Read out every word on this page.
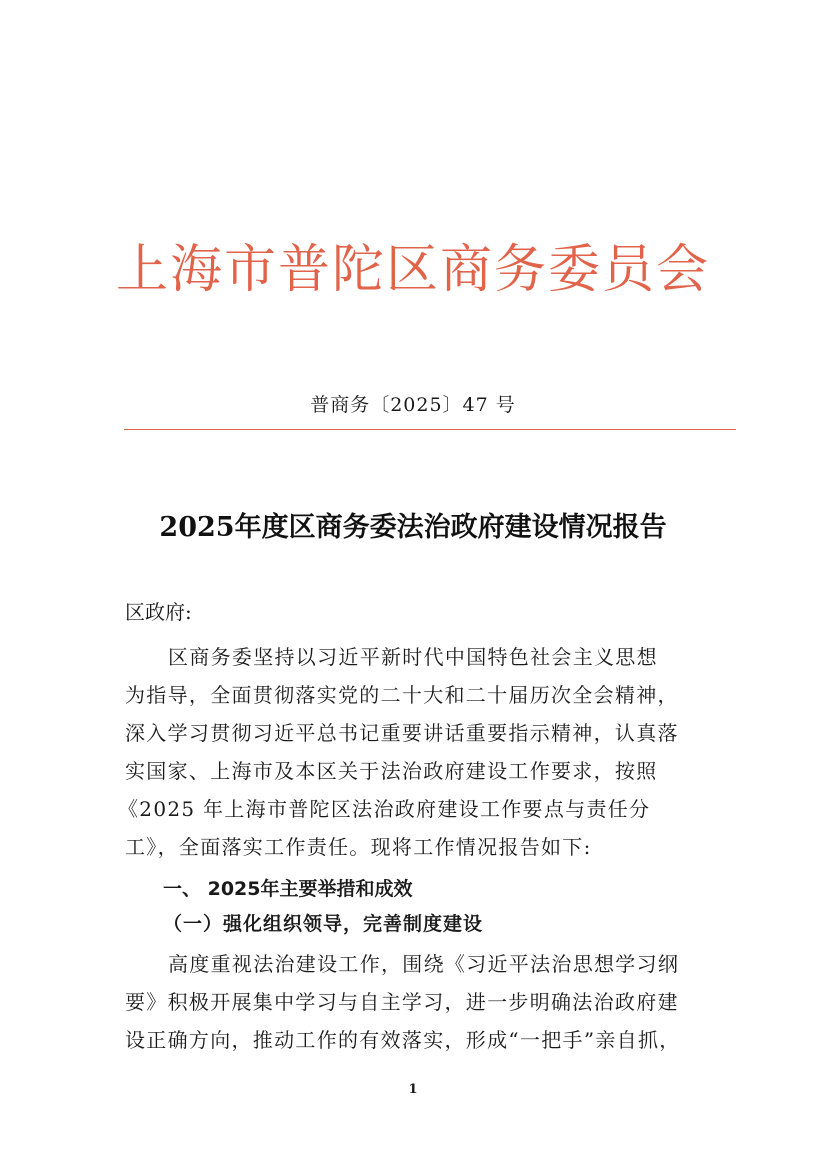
上海市普陀区商务委员会
普商务〔2025〕47 号
2025年度区商务委法治政府建设情况报告
区政府:
区商务委坚持以习近平新时代中国特色社会主义思想
为指导，全面贯彻落实党的二十大和二十届历次全会精神，
深入学习贯彻习近平总书记重要讲话重要指示精神，认真落
实国家、上海市及本区关于法治政府建设工作要求，按照
《2025 年上海市普陀区法治政府建设工作要点与责任分
工》，全面落实工作责任。现将工作情况报告如下:
一、 2025年主要举措和成效
（一）强化组织领导，完善制度建设
高度重视法治建设工作，围绕《习近平法治思想学习纲
要》积极开展集中学习与自主学习，进一步明确法治政府建
设正确方向，推动工作的有效落实，形成“一把手”亲自抓，
1
